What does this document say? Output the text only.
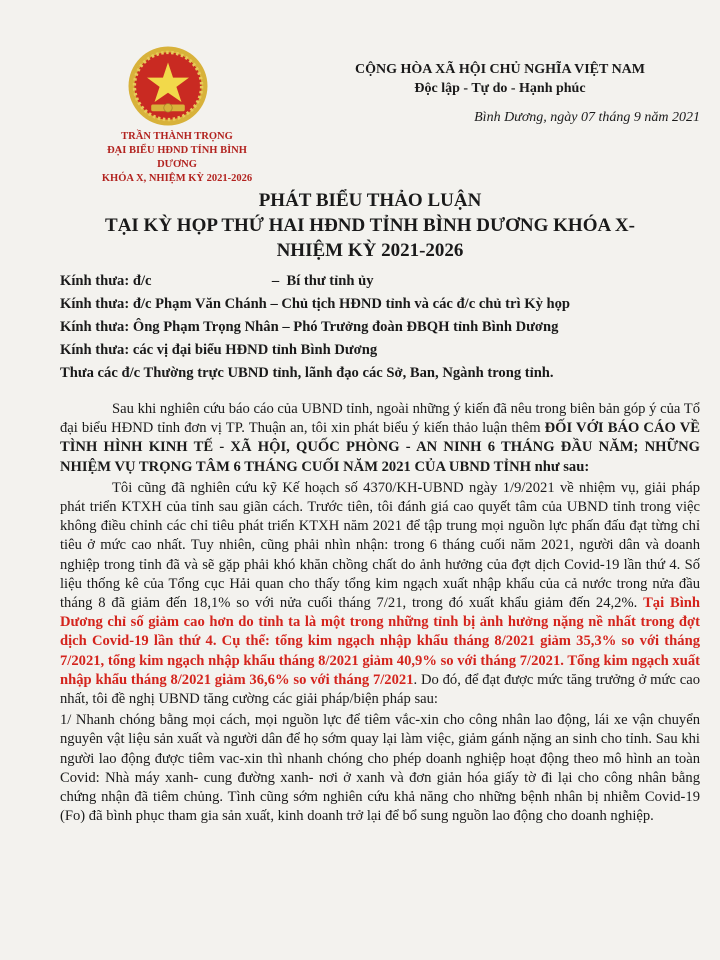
TRẦN THÀNH TRỌNG
ĐẠI BIỂU HĐND TỈNH BÌNH DƯƠNG
KHÓA X, NHIỆM KỲ 2021-2026
CỘNG HÒA XÃ HỘI CHỦ NGHĨA VIỆT NAM
Độc lập - Tự do - Hạnh phúc
Bình Dương, ngày 07 tháng 9 năm 2021
PHÁT BIỂU THẢO LUẬN
TẠI KỲ HỌP THỨ HAI HĐND TỈNH BÌNH DƯƠNG KHÓA X-
NHIỆM KỲ 2021-2026
Kính thưa: đ/c                                 –  Bí thư tỉnh ủy
Kính thưa: đ/c Phạm Văn Chánh – Chủ tịch HĐND tỉnh và các đ/c chủ trì Kỳ họp
Kính thưa: Ông Phạm Trọng Nhân – Phó Trưởng đoàn ĐBQH tỉnh Bình Dương
Kính thưa: các vị đại biểu HĐND tỉnh Bình Dương
Thưa các đ/c Thường trực UBND tỉnh, lãnh đạo các Sở, Ban, Ngành trong tỉnh.

Sau khi nghiên cứu báo cáo của UBND tỉnh, ngoài những ý kiến đã nêu trong biên bản góp ý của Tổ đại biểu HĐND tỉnh đơn vị TP. Thuận an, tôi xin phát biểu ý kiến thảo luận thêm ĐỐI VỚI BÁO CÁO VỀ TÌNH HÌNH KINH TẾ - XÃ HỘI, QUỐC PHÒNG - AN NINH 6 THÁNG ĐẦU NĂM; NHỮNG NHIỆM VỤ TRỌNG TÂM 6 THÁNG CUỐI NĂM 2021 CỦA UBND TỈNH như sau:

Tôi cũng đã nghiên cứu kỹ Kế hoạch số 4370/KH-UBND ngày 1/9/2021 về nhiệm vụ, giải pháp phát triển KTXH của tỉnh sau giãn cách. Trước tiên, tôi đánh giá cao quyết tâm của UBND tỉnh trong việc không điều chỉnh các chỉ tiêu phát triển KTXH năm 2021 để tập trung mọi nguồn lực phấn đấu đạt từng chỉ tiêu ở mức cao nhất. Tuy nhiên, cũng phải nhìn nhận: trong 6 tháng cuối năm 2021, người dân và doanh nghiệp trong tỉnh đã và sẽ gặp phải khó khăn chồng chất do ảnh hưởng của đợt dịch Covid-19 lần thứ 4. Số liệu thống kê của Tổng cục Hải quan cho thấy tổng kim ngạch xuất nhập khẩu của cả nước trong nửa đầu tháng 8 đã giảm đến 18,1% so với nửa cuối tháng 7/21, trong đó xuất khẩu giảm đến 24,2%. Tại Bình Dương chỉ số giảm cao hơn do tỉnh ta là một trong những tỉnh bị ảnh hưởng nặng nề nhất trong đợt dịch Covid-19 lần thứ 4. Cụ thể: tổng kim ngạch nhập khẩu tháng 8/2021 giảm 35,3% so với tháng 7/2021, tổng kim ngạch nhập khẩu tháng 8/2021 giảm 40,9% so với tháng 7/2021. Tổng kim ngạch xuất nhập khẩu tháng 8/2021 giảm 36,6% so với tháng 7/2021. Do đó, để đạt được mức tăng trưởng ở mức cao nhất, tôi đề nghị UBND tăng cường các giải pháp/biện pháp sau:

1/ Nhanh chóng bằng mọi cách, mọi nguồn lực để tiêm vắc-xin cho công nhân lao động, lái xe vận chuyển nguyên vật liệu sản xuất và người dân để họ sớm quay lại làm việc, giảm gánh nặng an sinh cho tỉnh. Sau khi người lao động được tiêm vac-xin thì nhanh chóng cho phép doanh nghiệp hoạt động theo mô hình an toàn Covid: Nhà máy xanh- cung đường xanh- nơi ở xanh và đơn giản hóa giấy tờ đi lại cho công nhân bằng chứng nhận đã tiêm chủng. Tình cũng sớm nghiên cứu khả năng cho những bệnh nhân bị nhiễm Covid-19 (Fo) đã bình phục tham gia sản xuất, kinh doanh trở lại để bổ sung nguồn lao động cho doanh nghiệp.
